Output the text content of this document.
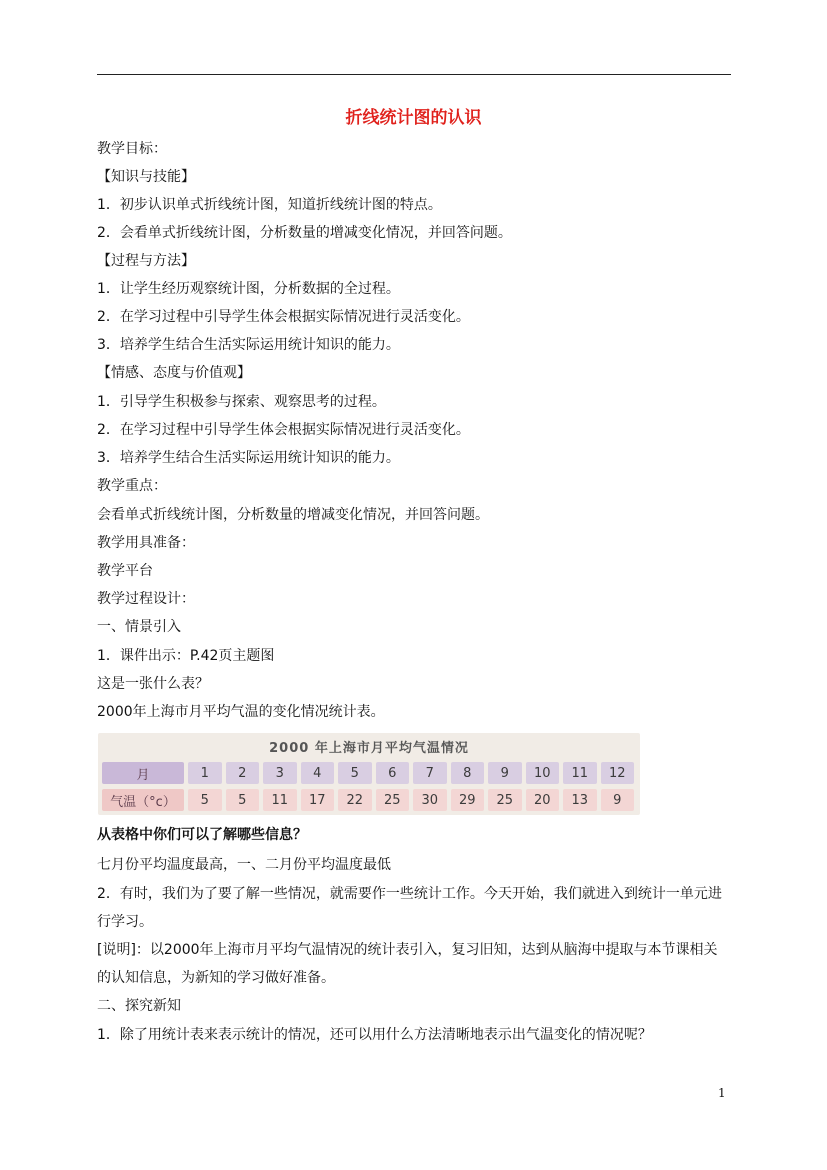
折线统计图的认识
教学目标：
【知识与技能】
1．初步认识单式折线统计图，知道折线统计图的特点。
2．会看单式折线统计图，分析数量的增减变化情况，并回答问题。
【过程与方法】
1．让学生经历观察统计图，分析数据的全过程。
2．在学习过程中引导学生体会根据实际情况进行灵活变化。
3．培养学生结合生活实际运用统计知识的能力。
【情感、态度与价值观】
1．引导学生积极参与探索、观察思考的过程。
2．在学习过程中引导学生体会根据实际情况进行灵活变化。
3．培养学生结合生活实际运用统计知识的能力。
教学重点：
会看单式折线统计图，分析数量的增减变化情况，并回答问题。
教学用具准备：
教学平台
教学过程设计：
一、情景引入
1．课件出示：P.42页主题图
这是一张什么表？
2000年上海市月平均气温的变化情况统计表。
2000 年上海市月平均气温情况
月	1	2	3	4	5	6	7	8	9	10	11	12
气温（°c）	5	5	11	17	22	25	30	29	25	20	13	9
从表格中你们可以了解哪些信息？
七月份平均温度最高，一、二月份平均温度最低
2．有时，我们为了要了解一些情况，就需要作一些统计工作。今天开始，我们就进入到统计一单元进行学习。
[说明]：以2000年上海市月平均气温情况的统计表引入，复习旧知，达到从脑海中提取与本节课相关的认知信息，为新知的学习做好准备。
二、探究新知
1．除了用统计表来表示统计的情况，还可以用什么方法清晰地表示出气温变化的情况呢？
1
